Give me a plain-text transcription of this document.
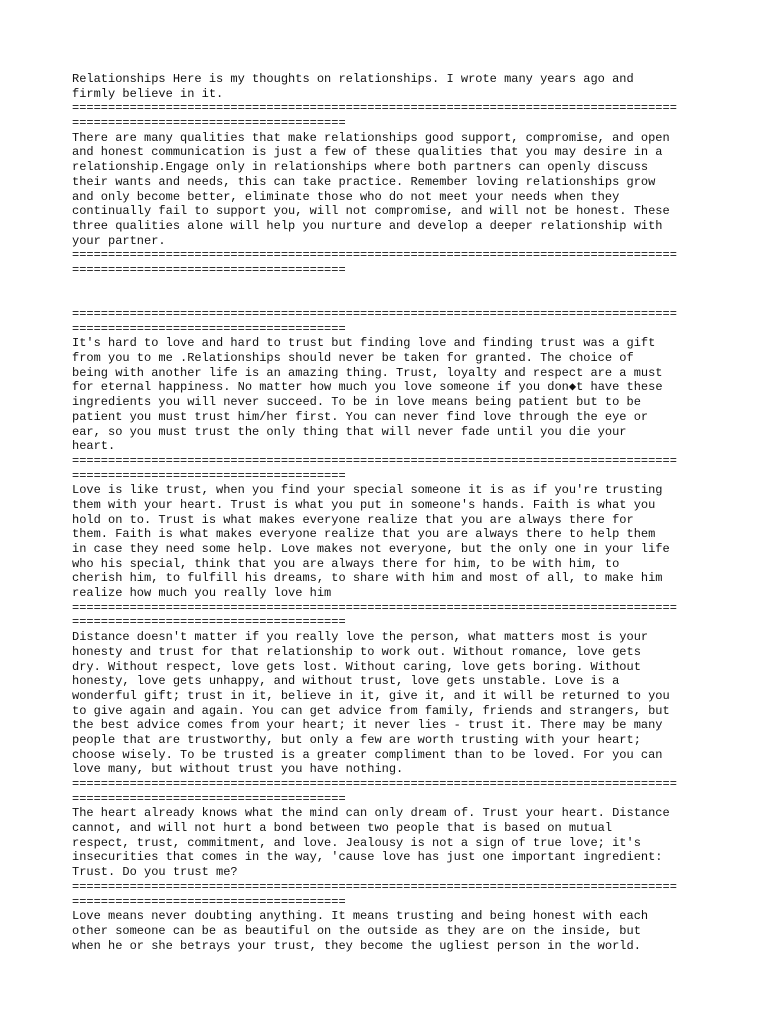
Relationships Here is my thoughts on relationships. I wrote many years ago and
firmly believe in it.
====================================================================================
======================================
There are many qualities that make relationships good support, compromise, and open
and honest communication is just a few of these qualities that you may desire in a
relationship.Engage only in relationships where both partners can openly discuss
their wants and needs, this can take practice. Remember loving relationships grow
and only become better, eliminate those who do not meet your needs when they
continually fail to support you, will not compromise, and will not be honest. These
three qualities alone will help you nurture and develop a deeper relationship with
your partner.
====================================================================================
======================================
====================================================================================
======================================
It's hard to love and hard to trust but finding love and finding trust was a gift
from you to me .Relationships should never be taken for granted. The choice of
being with another life is an amazing thing. Trust, loyalty and respect are a must
for eternal happiness. No matter how much you love someone if you don◆t have these
ingredients you will never succeed. To be in love means being patient but to be
patient you must trust him/her first. You can never find love through the eye or
ear, so you must trust the only thing that will never fade until you die your
heart.
====================================================================================
======================================
Love is like trust, when you find your special someone it is as if you're trusting
them with your heart. Trust is what you put in someone's hands. Faith is what you
hold on to. Trust is what makes everyone realize that you are always there for
them. Faith is what makes everyone realize that you are always there to help them
in case they need some help. Love makes not everyone, but the only one in your life
who his special, think that you are always there for him, to be with him, to
cherish him, to fulfill his dreams, to share with him and most of all, to make him
realize how much you really love him
====================================================================================
======================================
Distance doesn't matter if you really love the person, what matters most is your
honesty and trust for that relationship to work out. Without romance, love gets
dry. Without respect, love gets lost. Without caring, love gets boring. Without
honesty, love gets unhappy, and without trust, love gets unstable. Love is a
wonderful gift; trust in it, believe in it, give it, and it will be returned to you
to give again and again. You can get advice from family, friends and strangers, but
the best advice comes from your heart; it never lies - trust it. There may be many
people that are trustworthy, but only a few are worth trusting with your heart;
choose wisely. To be trusted is a greater compliment than to be loved. For you can
love many, but without trust you have nothing.
====================================================================================
======================================
The heart already knows what the mind can only dream of. Trust your heart. Distance
cannot, and will not hurt a bond between two people that is based on mutual
respect, trust, commitment, and love. Jealousy is not a sign of true love; it's
insecurities that comes in the way, 'cause love has just one important ingredient:
Trust. Do you trust me?
====================================================================================
======================================
Love means never doubting anything. It means trusting and being honest with each
other someone can be as beautiful on the outside as they are on the inside, but
when he or she betrays your trust, they become the ugliest person in the world.
